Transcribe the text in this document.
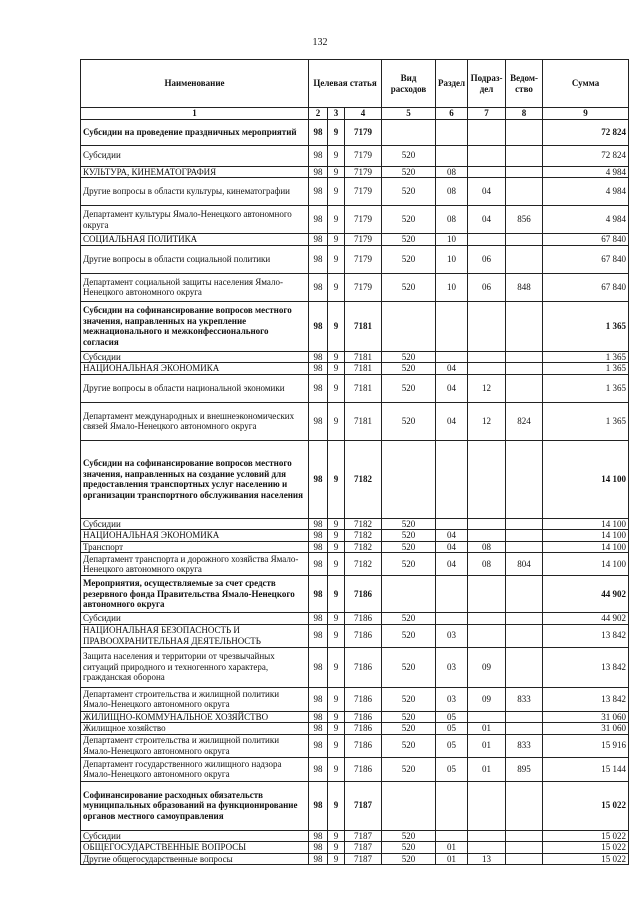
132
Наименование	Целевая статья			Вид расходов	Раздел	Подраз- дел	Ведом- ство	Сумма
1	2	3	4	5	6	7	8	9
Субсидии на проведение праздничных мероприятий	98	9	7179					72 824
Субсидии	98	9	7179	520				72 824
КУЛЬТУРА, КИНЕМАТОГРАФИЯ	98	9	7179	520	08			4 984
Другие вопросы в области культуры, кинематографии	98	9	7179	520	08	04		4 984
Департамент культуры Ямало-Ненецкого автономного округа	98	9	7179	520	08	04	856	4 984
СОЦИАЛЬНАЯ ПОЛИТИКА	98	9	7179	520	10			67 840
Другие вопросы в области социальной политики	98	9	7179	520	10	06		67 840
Департамент социальной защиты населения Ямало-Ненецкого автономного округа	98	9	7179	520	10	06	848	67 840
Субсидии на софинансирование вопросов местного значения, направленных на укрепление межнационального и межконфессионального согласия	98	9	7181					1 365
Субсидии	98	9	7181	520				1 365
НАЦИОНАЛЬНАЯ ЭКОНОМИКА	98	9	7181	520	04			1 365
Другие вопросы в области национальной экономики	98	9	7181	520	04	12		1 365
Департамент международных и внешнеэкономических связей Ямало-Ненецкого автономного округа	98	9	7181	520	04	12	824	1 365
Субсидии на софинансирование вопросов местного значения, направленных на создание условий для предоставления транспортных услуг населению и организации транспортного обслуживания населения	98	9	7182					14 100
Субсидии	98	9	7182	520				14 100
НАЦИОНАЛЬНАЯ ЭКОНОМИКА	98	9	7182	520	04			14 100
Транспорт	98	9	7182	520	04	08		14 100
Департамент транспорта и дорожного хозяйства Ямало-Ненецкого автономного округа	98	9	7182	520	04	08	804	14 100
Мероприятия, осуществляемые за счет средств резервного фонда Правительства Ямало-Ненецкого автономного округа	98	9	7186					44 902
Субсидии	98	9	7186	520				44 902
НАЦИОНАЛЬНАЯ БЕЗОПАСНОСТЬ И ПРАВООХРАНИТЕЛЬНАЯ ДЕЯТЕЛЬНОСТЬ	98	9	7186	520	03			13 842
Защита населения и территории от чрезвычайных ситуаций природного и техногенного характера, гражданская оборона	98	9	7186	520	03	09		13 842
Департамент строительства и жилищной политики Ямало-Ненецкого автономного округа	98	9	7186	520	03	09	833	13 842
ЖИЛИЩНО-КОММУНАЛЬНОЕ ХОЗЯЙСТВО	98	9	7186	520	05			31 060
Жилищное хозяйство	98	9	7186	520	05	01		31 060
Департамент строительства и жилищной политики Ямало-Ненецкого автономного округа	98	9	7186	520	05	01	833	15 916
Департамент государственного жилищного надзора Ямало-Ненецкого автономного округа	98	9	7186	520	05	01	895	15 144
Софинансирование расходных обязательств муниципальных образований на функционирование органов местного самоуправления	98	9	7187					15 022
Субсидии	98	9	7187	520				15 022
ОБЩЕГОСУДАРСТВЕННЫЕ ВОПРОСЫ	98	9	7187	520	01			15 022
Другие общегосударственные вопросы	98	9	7187	520	01	13		15 022
